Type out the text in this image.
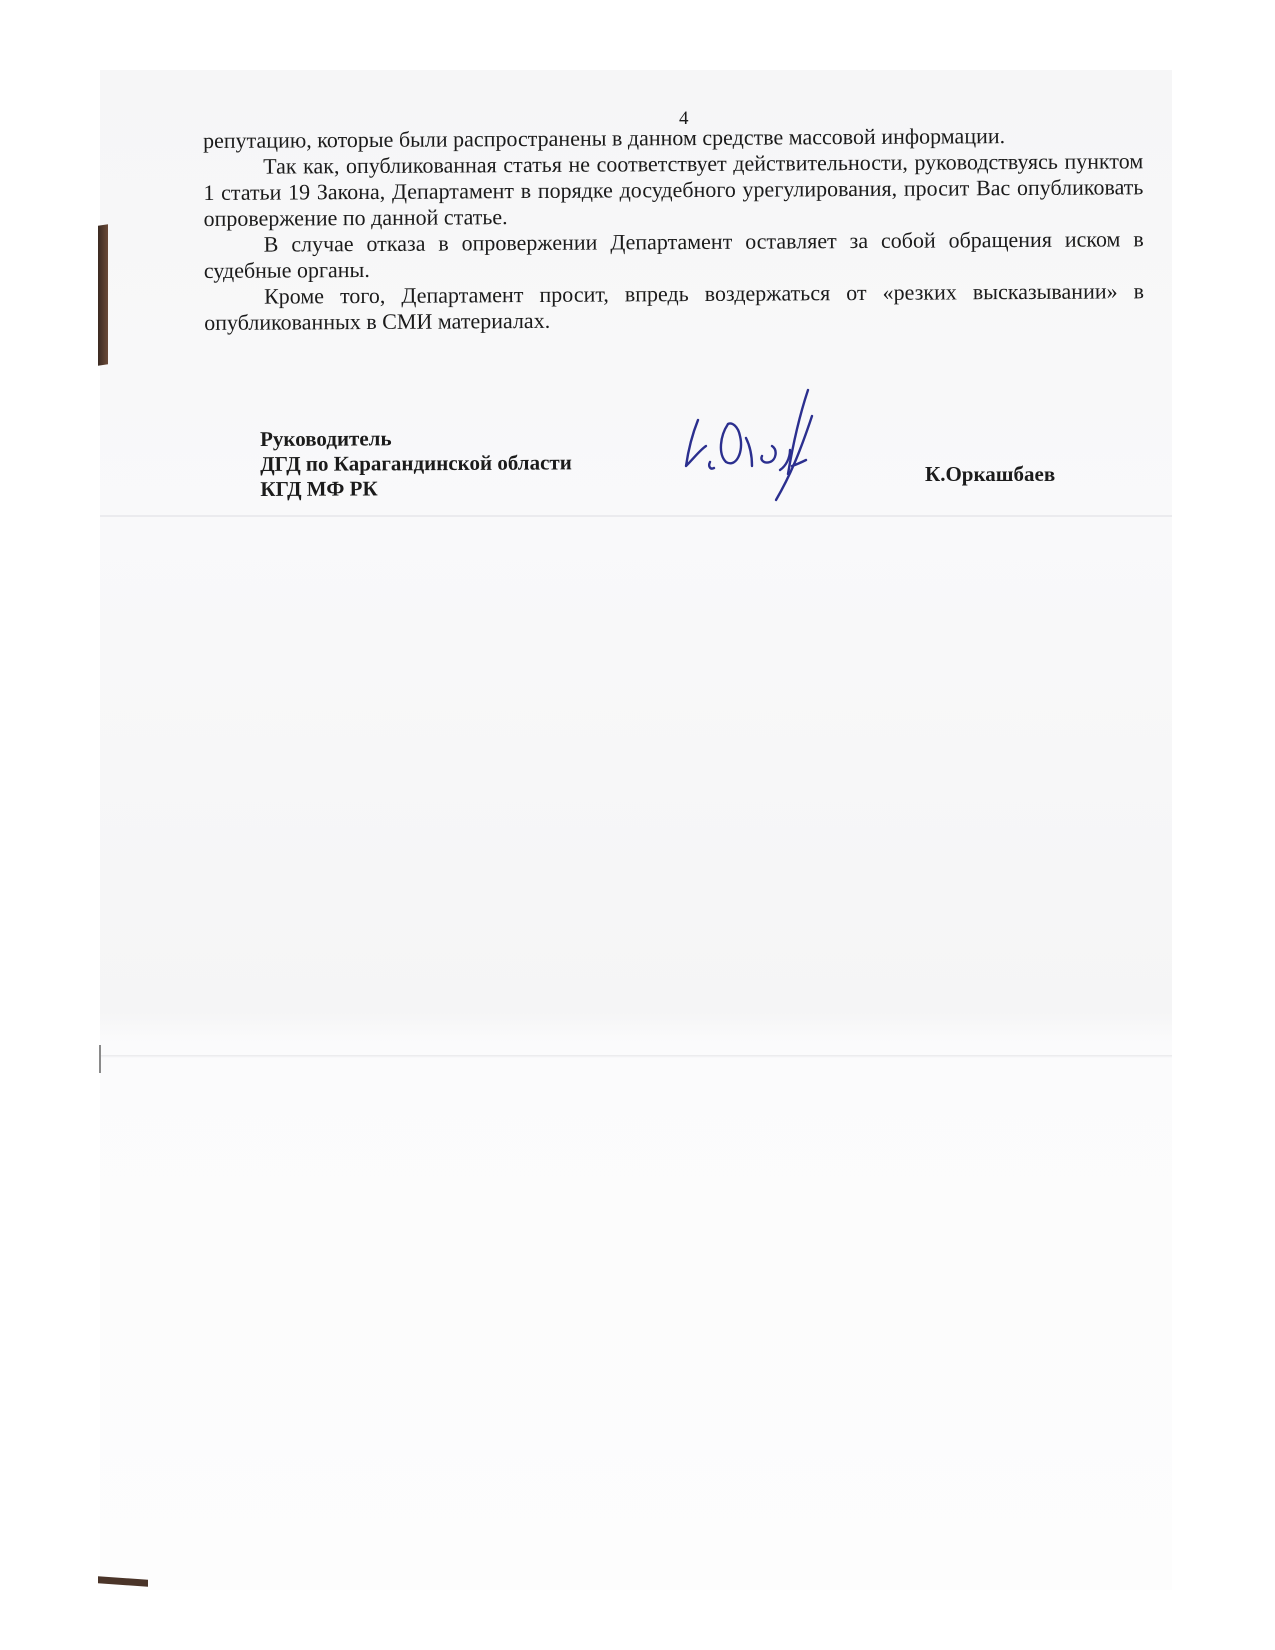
4

репутацию, которые были распространены в данном средстве массовой информации.

Так как, опубликованная статья не соответствует действительности, руководствуясь пунктом 1 статьи 19 Закона, Департамент в порядке досудебного урегулирования, просит Вас опубликовать опровержение по данной статье.

В случае отказа в опровержении Департамент оставляет за собой обращения иском в судебные органы.

Кроме того, Департамент просит, впредь воздержаться от «резких высказывании» в опубликованных в СМИ материалах.

Руководитель
ДГД по Карагандинской области
КГД МФ РК
К.Оркашбаев
